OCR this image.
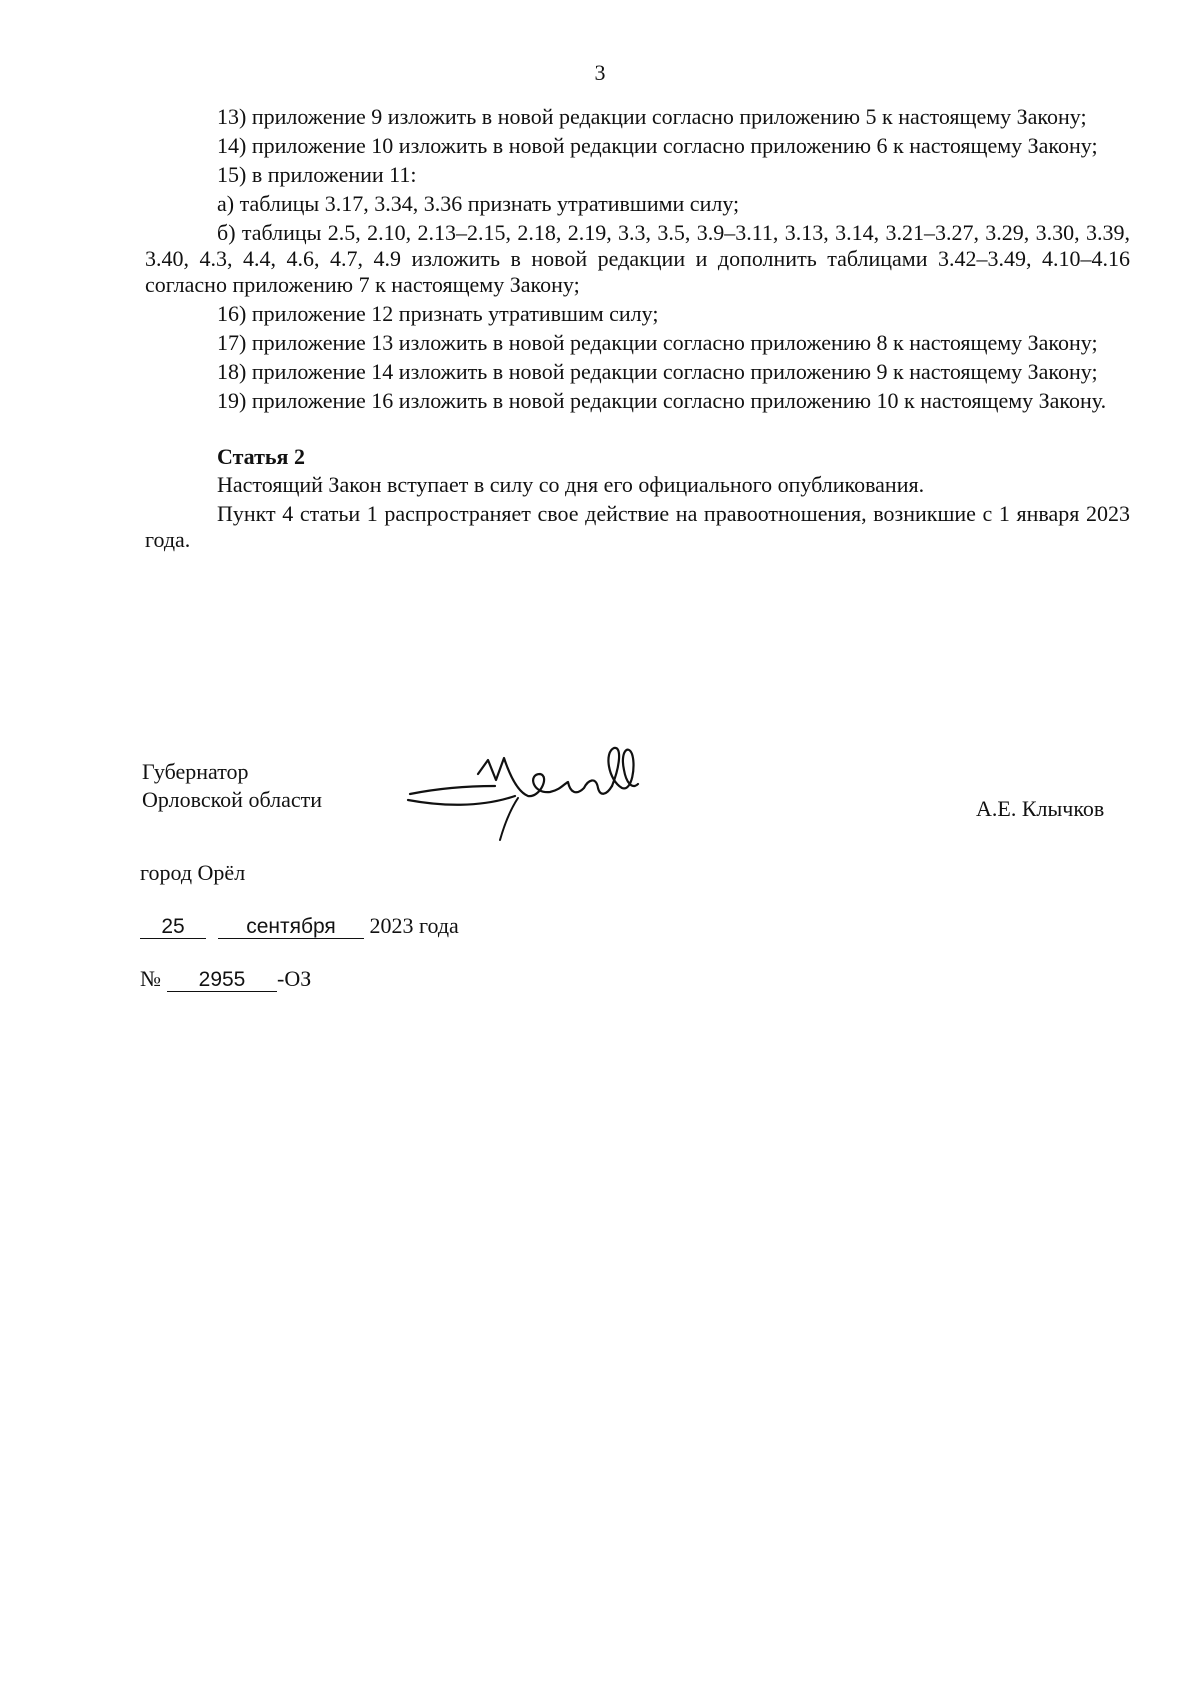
3

13) приложение 9 изложить в новой редакции согласно приложению 5 к настоящему Закону;

14) приложение 10 изложить в новой редакции согласно приложению 6 к настоящему Закону;

15) в приложении 11:

а) таблицы 3.17, 3.34, 3.36 признать утратившими силу;

б) таблицы 2.5, 2.10, 2.13–2.15, 2.18, 2.19, 3.3, 3.5, 3.9–3.11, 3.13, 3.14, 3.21–3.27, 3.29, 3.30, 3.39, 3.40, 4.3, 4.4, 4.6, 4.7, 4.9 изложить в новой редакции и дополнить таблицами 3.42–3.49, 4.10–4.16 согласно приложению 7 к настоящему Закону;

16) приложение 12 признать утратившим силу;

17) приложение 13 изложить в новой редакции согласно приложению 8 к настоящему Закону;

18) приложение 14 изложить в новой редакции согласно приложению 9 к настоящему Закону;

19) приложение 16 изложить в новой редакции согласно приложению 10 к настоящему Закону.

Статья 2

Настоящий Закон вступает в силу со дня его официального опубликования.

Пункт 4 статьи 1 распространяет свое действие на правоотношения, возникшие с 1 января 2023 года.

Губернатор
Орловской области	А.Е. Клычков
город Орёл
25	сентября 2023 года
№ 2955 -ОЗ
